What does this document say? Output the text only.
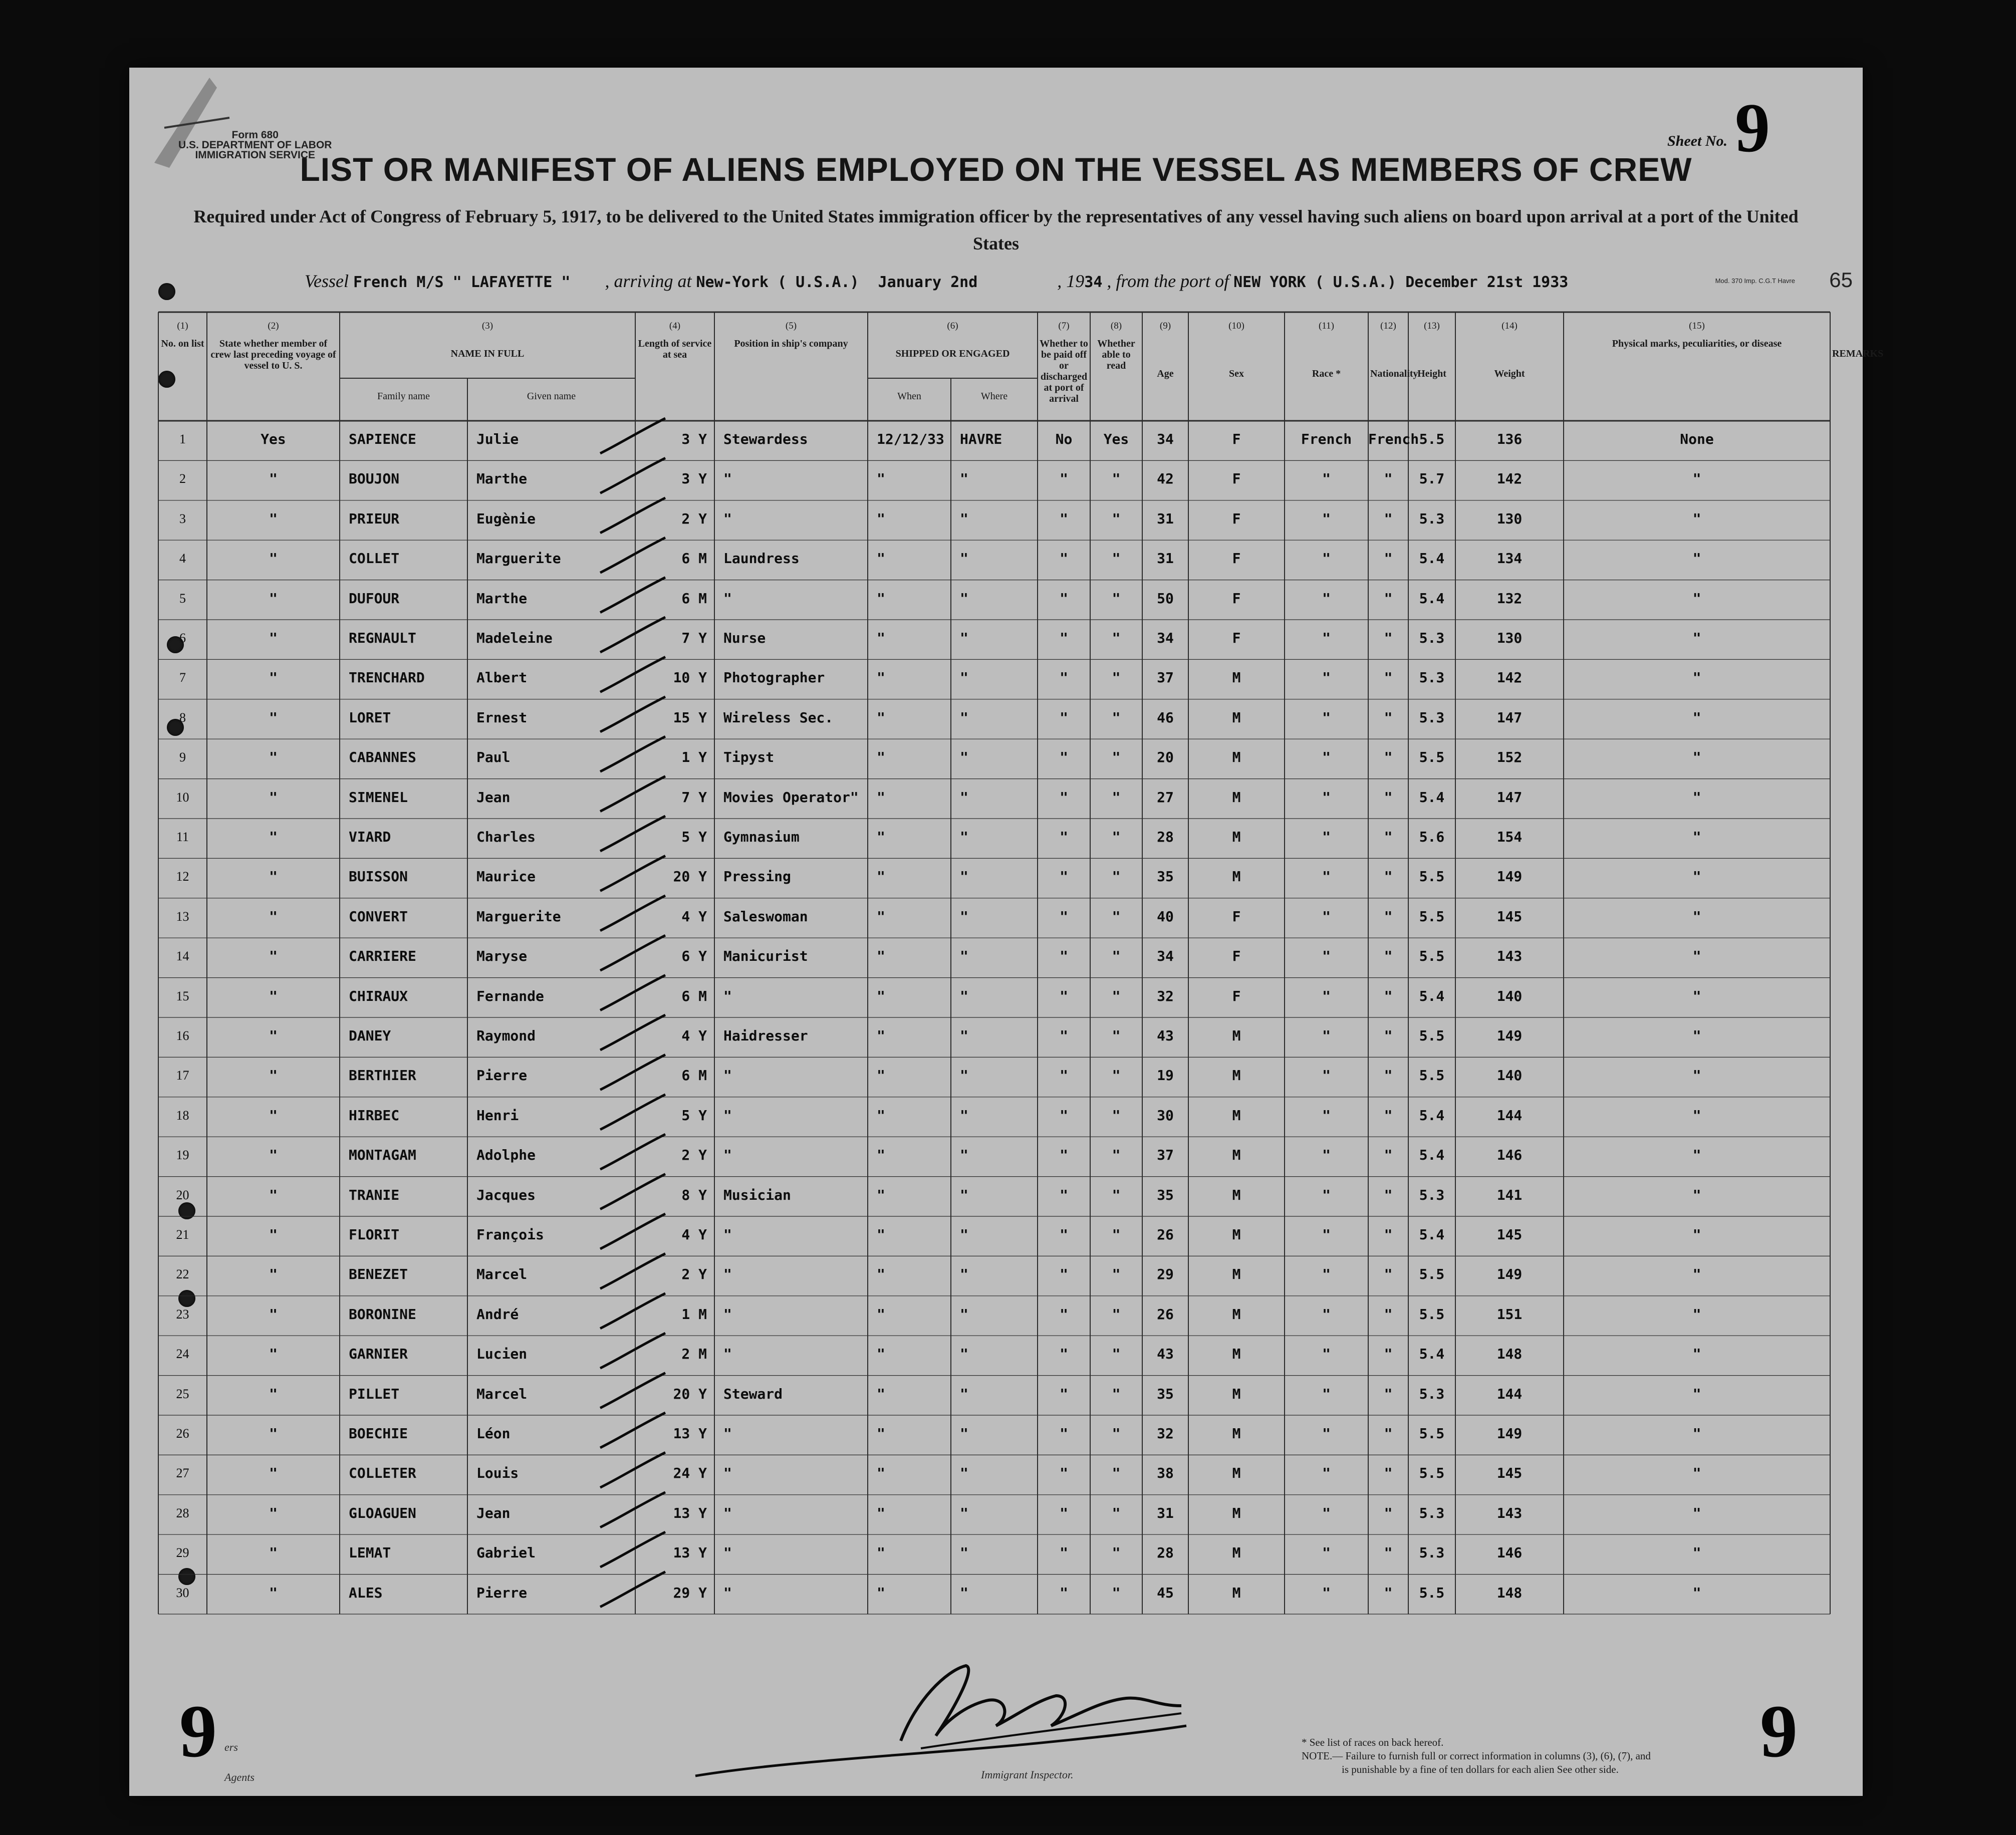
Form 680
U.S. DEPARTMENT OF LABOR
IMMIGRATION SERVICE
Sheet No. 9
LIST OR MANIFEST OF ALIENS EMPLOYED ON THE VESSEL AS MEMBERS OF CREW
Required under Act of Congress of February 5, 1917, to be delivered to the United States immigration officer by the representatives of any vessel having such aliens on board upon arrival at a port of the United States
Vessel French M/S " LAFAYETTE " , arriving at New-York ( U.S.A.) January 2nd	, 1934 , from the port of NEW YORK ( U.S.A.) December 21st 1933	Mod. 370 Imp. C.G.T Havre 65
(1)
No. on list
(2)
State whether member of crew last preceding voyage of vessel to U. S.
(3)
NAME IN FULL
(4)
Length of service at sea
(5)
Position in ship's company
(6)
SHIPPED OR ENGAGED
(7)
Whether to be paid off or discharged at port of arrival
(8)
Whether able to read
(9)
Age
(10)
Sex
(11)
Race *
(12)
Nationality
(13)
Height
(14)
Weight
(15)
Physical marks, peculiarities, or disease
REMARKS
Family name	Given name	When	Where
1	Yes	SAPIENCE	Julie	3 Y Stewardess	12/12/33 HAVRE	No	Yes	34	F	French	French 5.5	136	None
2	"	BOUJON	Marthe	3 Y "	"	"	"	"	42	F	"	"	5.7	142	"
3	"	PRIEUR	Eugènie	2 Y "	"	"	"	"	31	F	"	"	5.3	130	"
4	"	COLLET	Marguerite	6 M Laundress	"	"	"	"	31	F	"	"	5.4	134	"
5	"	DUFOUR	Marthe	6 M "	"	"	"	"	50	F	"	"	5.4	132	"
6	"	REGNAULT	Madeleine	7 Y Nurse	"	"	"	"	34	F	"	"	5.3	130	"
7	"	TRENCHARD	Albert	10 Y Photographer	"	"	"	"	37	M	"	"	5.3	142	"
8	"	LORET	Ernest	15 Y Wireless Sec.	"	"	"	"	46	M	"	"	5.3	147	"
9	"	CABANNES	Paul	1 Y Tipyst	"	"	"	"	20	M	"	"	5.5	152	"
10	"	SIMENEL	Jean	7 Y Movies Operator" "	"	"	"	27	M	"	"	5.4	147	"
11	"	VIARD	Charles	5 Y Gymnasium	"	"	"	"	28	M	"	"	5.6	154	"
12	"	BUISSON	Maurice	20 Y Pressing	"	"	"	"	35	M	"	"	5.5	149	"
13	"	CONVERT	Marguerite	4 Y Saleswoman	"	"	"	"	40	F	"	"	5.5	145	"
14	"	CARRIERE	Maryse	6 Y Manicurist	"	"	"	"	34	F	"	"	5.5	143	"
15	"	CHIRAUX	Fernande	6 M "	"	"	"	"	32	F	"	"	5.4	140	"
16	"	DANEY	Raymond	4 Y Haidresser	"	"	"	"	43	M	"	"	5.5	149	"
17	"	BERTHIER	Pierre	6 M "	"	"	"	"	19	M	"	"	5.5	140	"
18	"	HIRBEC	Henri	5 Y "	"	"	"	"	30	M	"	"	5.4	144	"
19	"	MONTAGAM	Adolphe	2 Y "	"	"	"	"	37	M	"	"	5.4	146	"
20	"	TRANIE	Jacques	8 Y Musician	"	"	"	"	35	M	"	"	5.3	141	"
21	"	FLORIT	François	4 Y "	"	"	"	"	26	M	"	"	5.4	145	"
22	"	BENEZET	Marcel	2 Y "	"	"	"	"	29	M	"	"	5.5	149	"
23	"	BORONINE	André	1 M "	"	"	"	"	26	M	"	"	5.5	151	"
24	"	GARNIER	Lucien	2 M "	"	"	"	"	43	M	"	"	5.4	148	"
25	"	PILLET	Marcel	20 Y Steward	"	"	"	"	35	M	"	"	5.3	144	"
26	"	BOECHIE	Léon	13 Y "	"	"	"	"	32	M	"	"	5.5	149	"
27	"	COLLETER	Louis	24 Y "	"	"	"	"	38	M	"	"	5.5	145	"
28	"	GLOAGUEN	Jean	13 Y "	"	"	"	"	31	M	"	"	5.3	143	"
29	"	LEMAT	Gabriel	13 Y "	"	"	"	"	28	M	"	"	5.3	146	"
30	"	ALES	Pierre	29 Y "	"	"	"	"	45	M	"	"	5.5	148	"
9	9
ers
Agents	Immigrant Inspector.
* See list of races on back hereof.
NOTE.— Failure to furnish full or correct information in columns (3), (6), (7), and
is punishable by a fine of ten dollars for each alien See other side.
